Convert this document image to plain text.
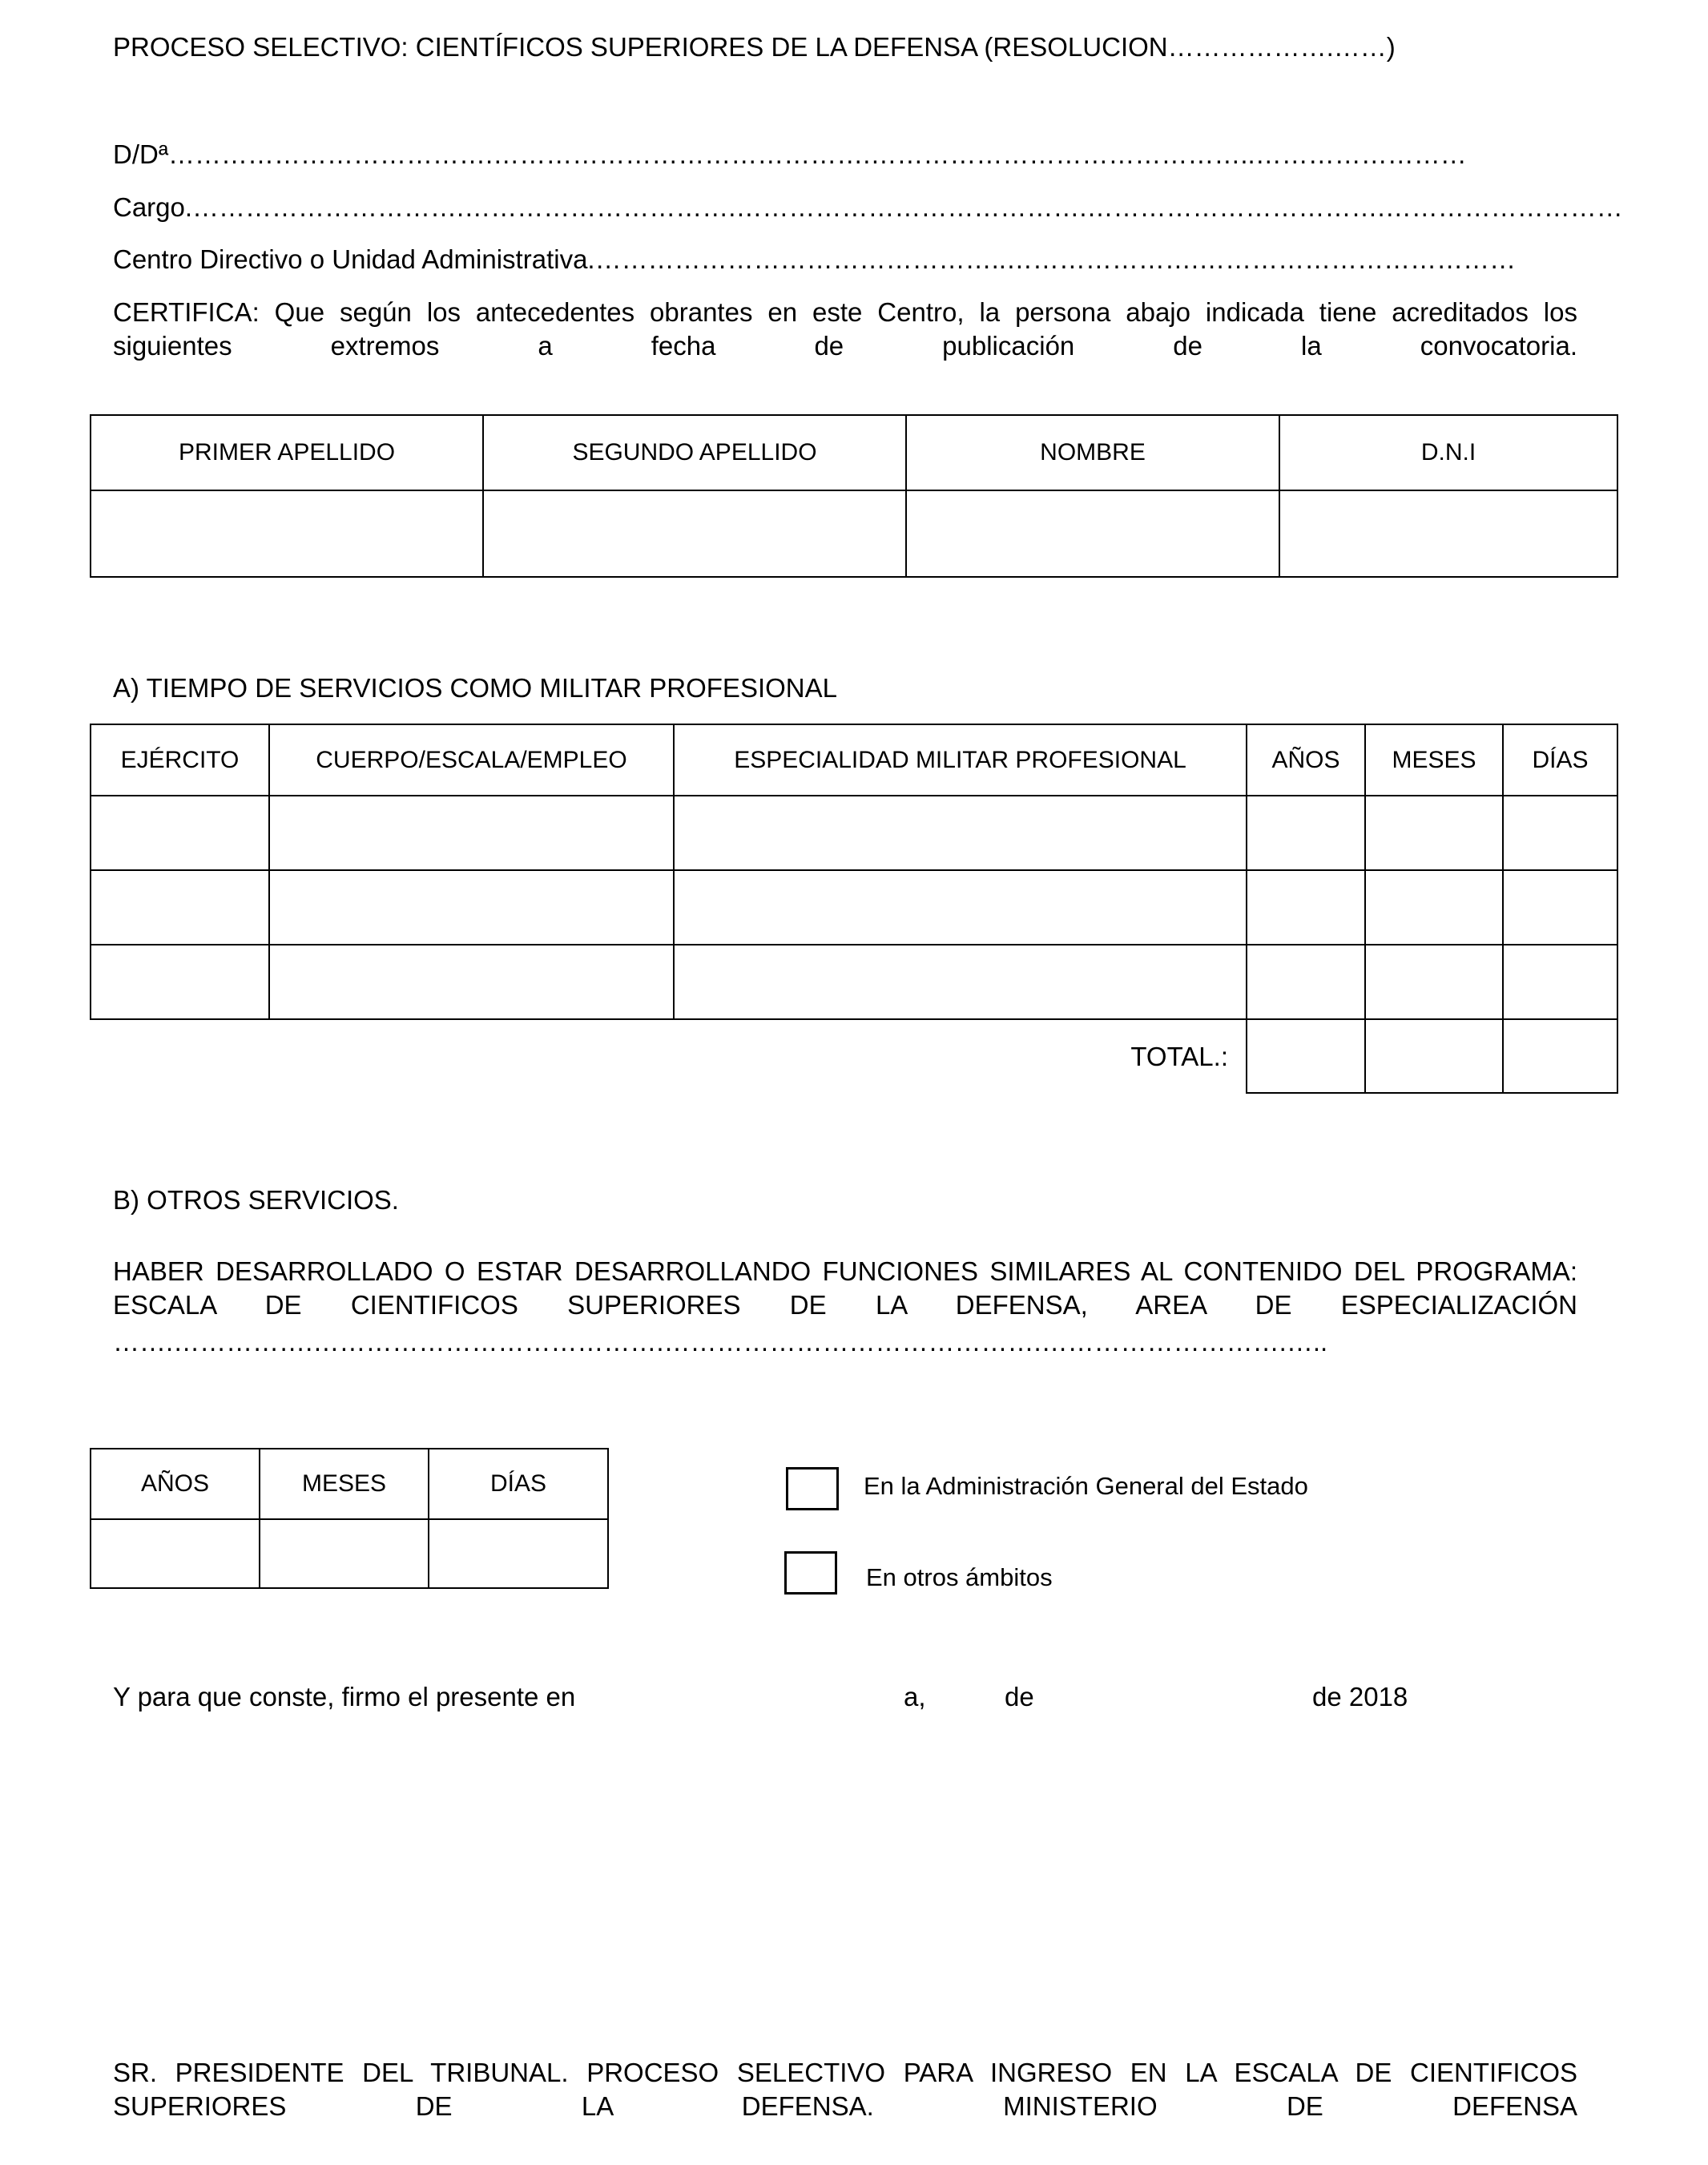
PROCESO SELECTIVO: CIENTÍFICOS SUPERIORES DE LA DEFENSA (RESOLUCION……………….……)
D/Dª……………………………….…………………………………….……………………………………..……………………
Cargo.………………………….………………………….………………………………….…………………………….………………………
Centro Directivo o Unidad Administrativa.………………………………………..………………….………………………………
CERTIFICA: Que según los antecedentes obrantes en este Centro, la persona abajo indicada tiene acreditados los siguientes extremos a fecha de publicación de la convocatoria.
PRIMER APELLIDO	SEGUNDO APELLIDO	NOMBRE	D.N.I

A) TIEMPO DE SERVICIOS COMO MILITAR PROFESIONAL
EJÉRCITO	CUERPO/ESCALA/EMPLEO	ESPECIALIDAD MILITAR PROFESIONAL	AÑOS	MESES	DÍAS

TOTAL.:					
B) OTROS SERVICIOS.
HABER DESARROLLADO O ESTAR DESARROLLANDO FUNCIONES SIMILARES AL CONTENIDO DEL PROGRAMA: ESCALA DE CIENTIFICOS SUPERIORES DE LA DEFENSA, AREA DE ESPECIALIZACIÓN
…….…………….………………………………….…………………………………….……………………….…..
AÑOS	MESES	DÍAS
			En la Administración General del Estado
En otros ámbitos
Y para que conste, firmo el presente en	a,	de	de 2018
SR. PRESIDENTE DEL TRIBUNAL. PROCESO SELECTIVO PARA INGRESO EN LA ESCALA DE CIENTIFICOS SUPERIORES DE LA DEFENSA. MINISTERIO DE DEFENSA
